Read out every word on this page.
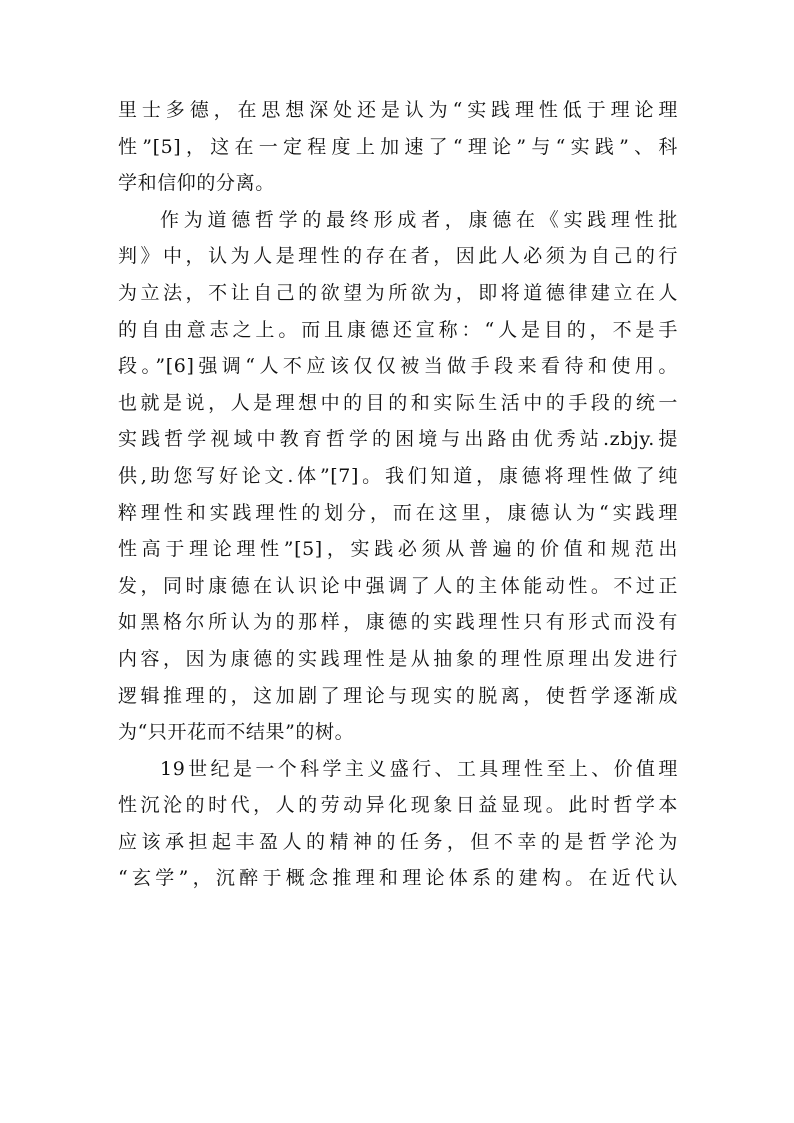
里士多德，在思想深处还是认为“实践理性低于理论理
性”[5]，这在一定程度上加速了“理论”与“实践”、科
学和信仰的分离。
作为道德哲学的最终形成者，康德在《实践理性批
判》中，认为人是理性的存在者，因此人必须为自己的行
为立法，不让自己的欲望为所欲为，即将道德律建立在人
的自由意志之上。而且康德还宣称：“人是目的，不是手
段。”[6]强调“人不应该仅仅被当做手段来看待和使用。
也就是说，人是理想中的目的和实际生活中的手段的统一
实践哲学视域中教育哲学的困境与出路由优秀站.zbjy.提
供,助您写好论文.体”[7]。我们知道，康德将理性做了纯
粹理性和实践理性的划分，而在这里，康德认为“实践理
性高于理论理性”[5]，实践必须从普遍的价值和规范出
发，同时康德在认识论中强调了人的主体能动性。不过正
如黑格尔所认为的那样，康德的实践理性只有形式而没有
内容，因为康德的实践理性是从抽象的理性原理出发进行
逻辑推理的，这加剧了理论与现实的脱离，使哲学逐渐成
为“只开花而不结果”的树。
19世纪是一个科学主义盛行、工具理性至上、价值理
性沉沦的时代，人的劳动异化现象日益显现。此时哲学本
应该承担起丰盈人的精神的任务，但不幸的是哲学沦为
“玄学”，沉醉于概念推理和理论体系的建构。在近代认
